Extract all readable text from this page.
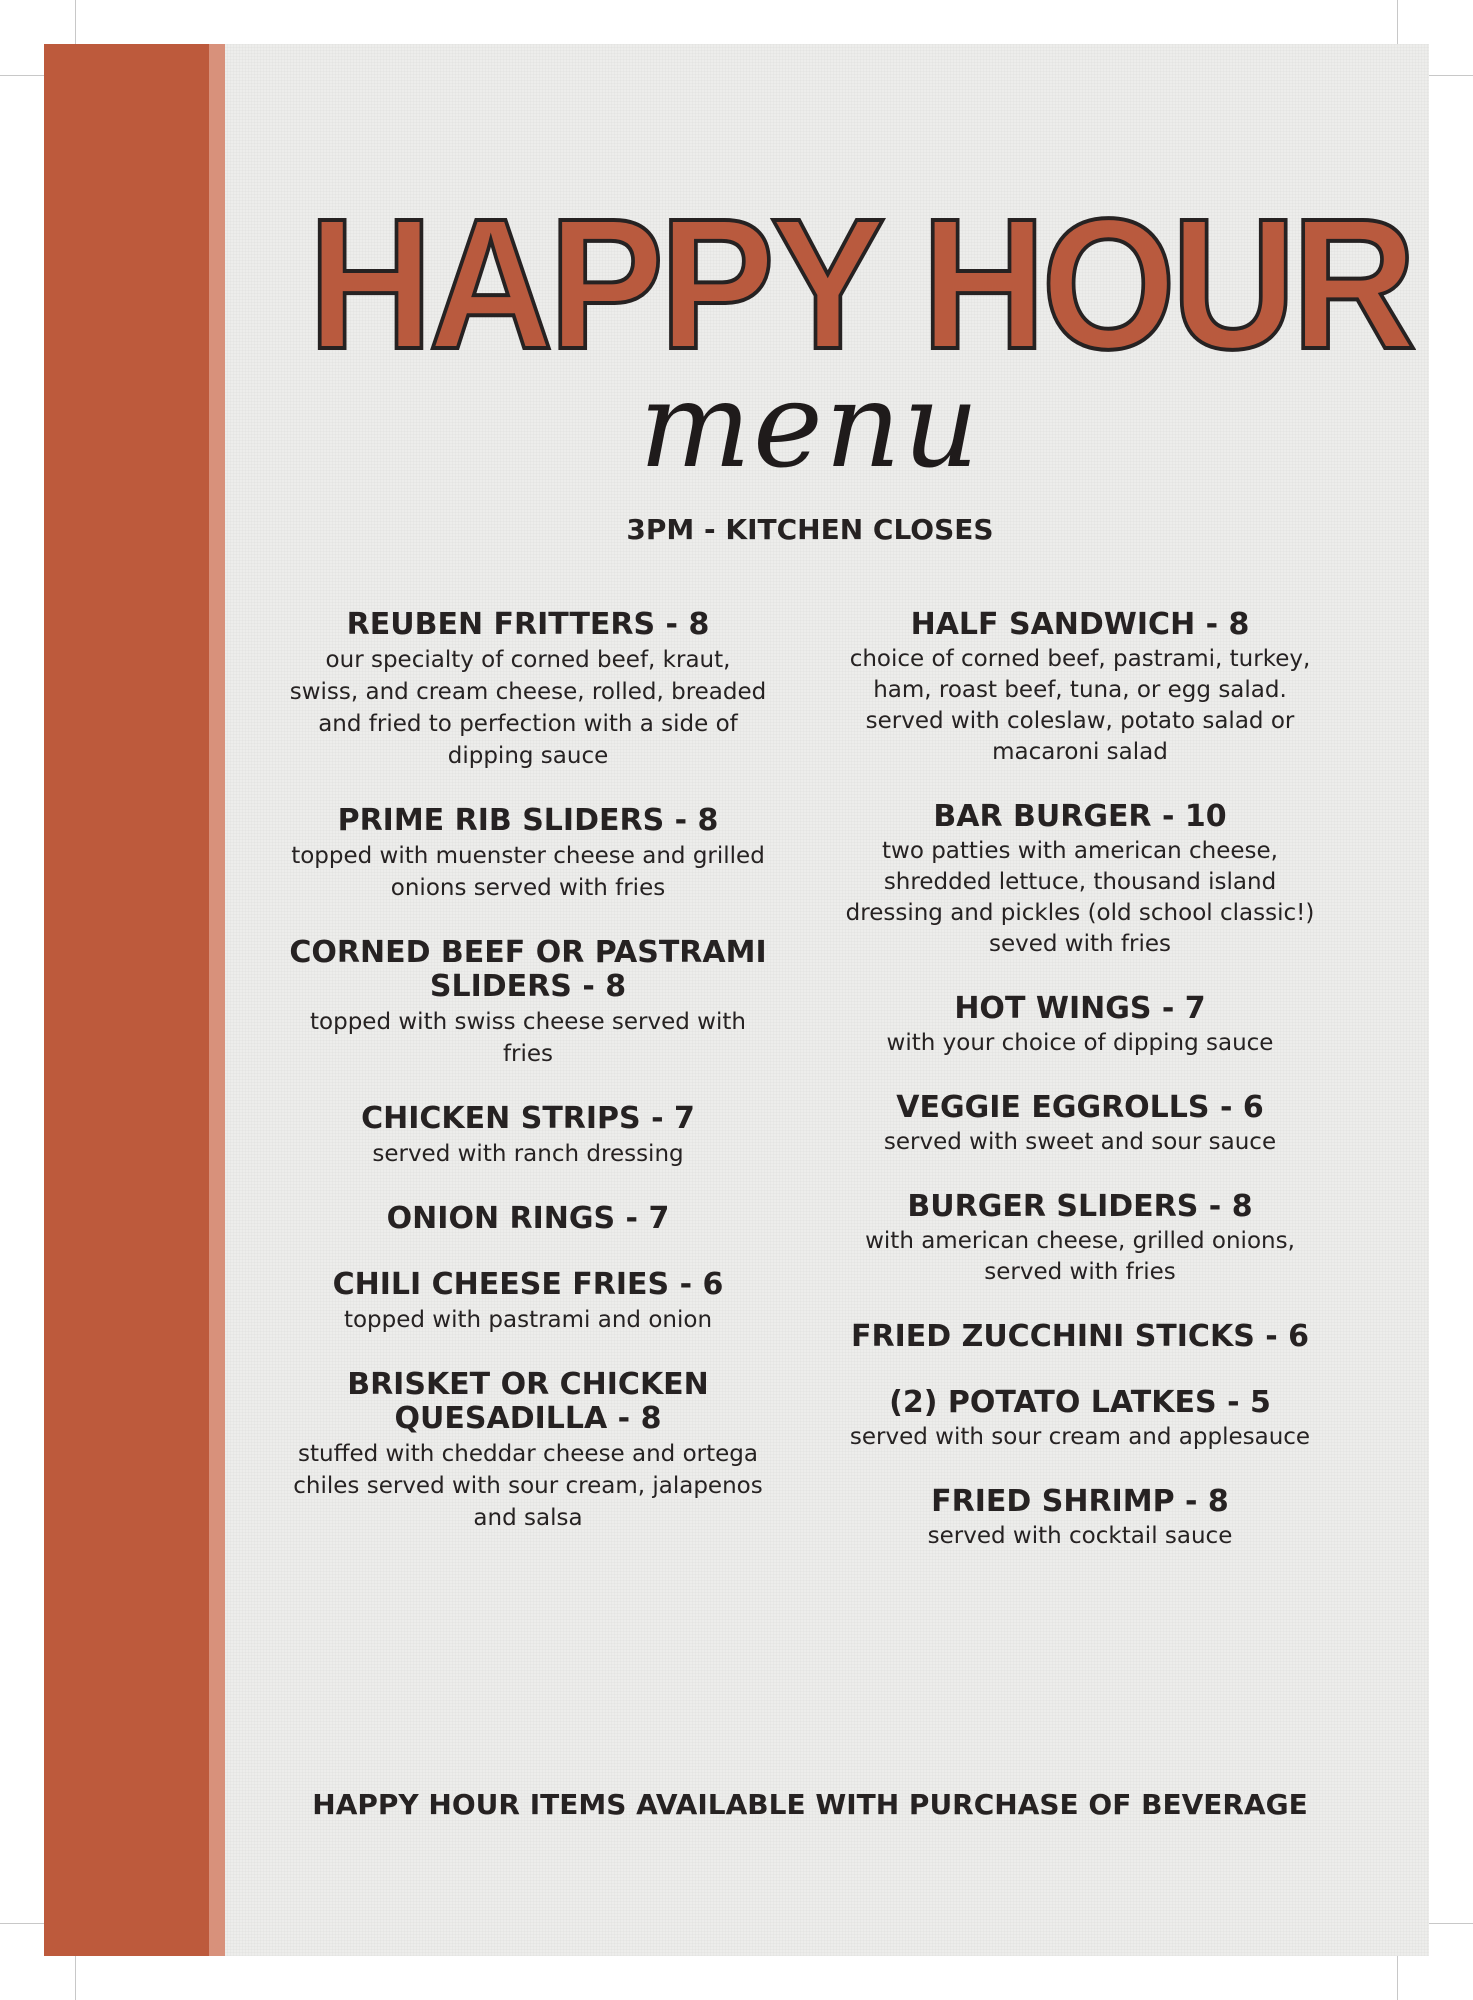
HAPPY HOUR
menu
3PM - KITCHEN CLOSES
REUBEN FRITTERS - 8

our specialty of corned beef, kraut, swiss, and cream cheese, rolled, breaded and fried to perfection with a side of dipping sauce

PRIME RIB SLIDERS - 8

topped with muenster cheese and grilled onions served with fries

CORNED BEEF OR PASTRAMI SLIDERS - 8

topped with swiss cheese served with fries

CHICKEN STRIPS - 7

served with ranch dressing

ONION RINGS - 7
CHILI CHEESE FRIES - 6

topped with pastrami and onion

BRISKET OR CHICKEN QUESADILLA - 8

stuffed with cheddar cheese and ortega chiles served with sour cream, jalapenos and salsa

HALF SANDWICH - 8

choice of corned beef, pastrami, turkey, ham, roast beef, tuna, or egg salad. served with coleslaw, potato salad or macaroni salad

BAR BURGER - 10

two patties with american cheese, shredded lettuce, thousand island dressing and pickles (old school classic!) seved with fries

HOT WINGS - 7

with your choice of dipping sauce

VEGGIE EGGROLLS - 6

served with sweet and sour sauce

BURGER SLIDERS - 8

with american cheese, grilled onions, served with fries

FRIED ZUCCHINI STICKS - 6
(2) POTATO LATKES - 5

served with sour cream and applesauce

FRIED SHRIMP - 8

served with cocktail sauce

HAPPY HOUR ITEMS AVAILABLE WITH PURCHASE OF BEVERAGE
